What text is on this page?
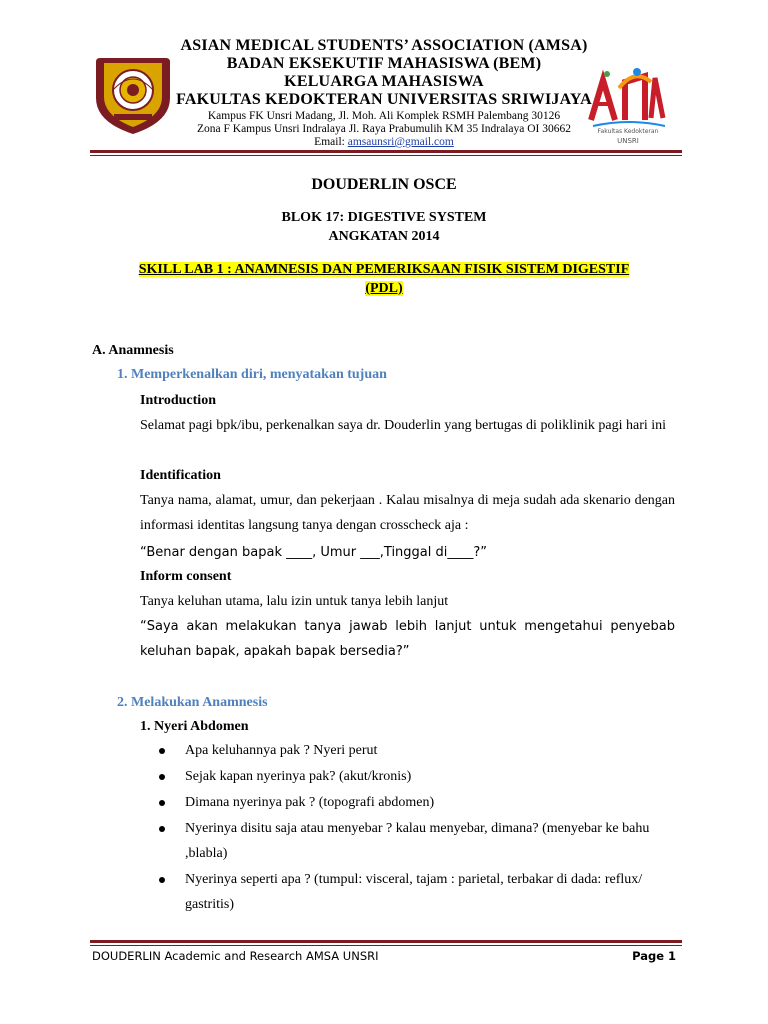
Fakultas Kedokteran
UNSRI
ASIAN MEDICAL STUDENTS’ ASSOCIATION (AMSA)
BADAN EKSEKUTIF MAHASISWA (BEM)
KELUARGA MAHASISWA
FAKULTAS KEDOKTERAN UNIVERSITAS SRIWIJAYA
Kampus FK Unsri Madang, Jl. Moh. Ali Komplek RSMH Palembang 30126
Zona F Kampus Unsri Indralaya Jl. Raya Prabumulih KM 35 Indralaya OI 30662
Email: amsaunsri@gmail.com
DOUDERLIN OSCE
BLOK 17: DIGESTIVE SYSTEM
ANGKATAN 2014
SKILL LAB 1 : ANAMNESIS DAN PEMERIKSAAN FISIK SISTEM DIGESTIF
(PDL)
A. Anamnesis
1. Memperkenalkan diri, menyatakan tujuan
Introduction
Selamat pagi bpk/ibu, perkenalkan saya dr. Douderlin yang bertugas di poliklinik pagi hari ini
Identification
Tanya nama, alamat, umur, dan pekerjaan . Kalau misalnya di meja sudah ada skenario dengan informasi identitas langsung tanya dengan crosscheck aja :
“Benar dengan bapak ____, Umur ___,Tinggal di____?”
Inform consent
Tanya keluhan utama, lalu izin untuk tanya lebih lanjut
“Saya akan melakukan tanya jawab lebih lanjut untuk mengetahui penyebab keluhan bapak, apakah bapak bersedia?”
2. Melakukan Anamnesis
1. Nyeri Abdomen
Apa keluhannya pak ? Nyeri perut
Sejak kapan nyerinya pak? (akut/kronis)
Dimana nyerinya pak ? (topografi abdomen)
Nyerinya disitu saja atau menyebar ? kalau menyebar, dimana? (menyebar ke bahu ,blabla)
Nyerinya seperti apa ? (tumpul: visceral, tajam : parietal, terbakar di dada: reflux/ gastritis)
DOUDERLIN Academic and Research AMSA UNSRI	Page 1
